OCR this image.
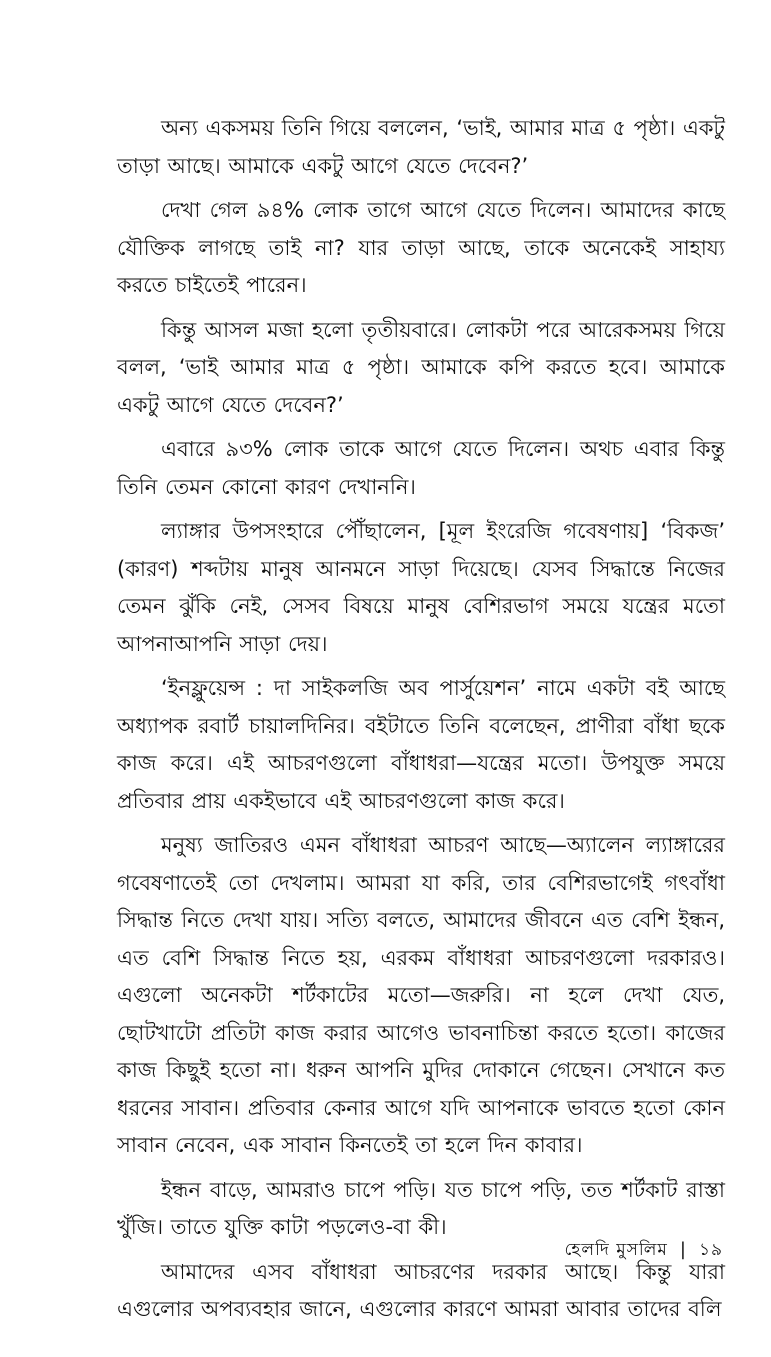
অন্য একসময় তিনি গিয়ে বললেন, ‘ভাই, আমার মাত্র ৫ পৃষ্ঠা। একটু তাড়া আছে। আমাকে একটু আগে যেতে দেবেন?’

দেখা গেল ৯৪% লোক তাগে আগে যেতে দিলেন। আমাদের কাছে যৌক্তিক লাগছে তাই না? যার তাড়া আছে, তাকে অনেকেই সাহায্য করতে চাইতেই পারেন।

কিন্তু আসল মজা হলো তৃতীয়বারে। লোকটা পরে আরেকসময় গিয়ে বলল, ‘ভাই আমার মাত্র ৫ পৃষ্ঠা। আমাকে কপি করতে হবে। আমাকে একটু আগে যেতে দেবেন?’

এবারে ৯৩% লোক তাকে আগে যেতে দিলেন। অথচ এবার কিন্তু তিনি তেমন কোনো কারণ দেখাননি।

ল্যাঙ্গার উপসংহারে পৌঁছালেন, [মূল ইংরেজি গবেষণায়] ‘বিকজ’ (কারণ) শব্দটায় মানুষ আনমনে সাড়া দিয়েছে। যেসব সিদ্ধান্তে নিজের তেমন ঝুঁকি নেই, সেসব বিষয়ে মানুষ বেশিরভাগ সময়ে যন্ত্রের মতো আপনাআপনি সাড়া দেয়।

‘ইনফ্লুয়েন্স : দা সাইকলজি অব পার্সুয়েশন’ নামে একটা বই আছে অধ্যাপক রবার্ট চায়ালদিনির। বইটাতে তিনি বলেছেন, প্রাণীরা বাঁধা ছকে কাজ করে। এই আচরণগুলো বাঁধাধরা—যন্ত্রের মতো। উপযুক্ত সময়ে প্রতিবার প্রায় একইভাবে এই আচরণগুলো কাজ করে।

মনুষ্য জাতিরও এমন বাঁধাধরা আচরণ আছে—অ্যালেন ল্যাঙ্গারের গবেষণাতেই তো দেখলাম। আমরা যা করি, তার বেশিরভাগেই গৎবাঁধা সিদ্ধান্ত নিতে দেখা যায়। সত্যি বলতে, আমাদের জীবনে এত বেশি ইন্ধন, এত বেশি সিদ্ধান্ত নিতে হয়, এরকম বাঁধাধরা আচরণগুলো দরকারও। এগুলো অনেকটা শর্টকাটের মতো—জরুরি। না হলে দেখা যেত, ছোটখাটো প্রতিটা কাজ করার আগেও ভাবনাচিন্তা করতে হতো। কাজের কাজ কিছুই হতো না। ধরুন আপনি মুদির দোকানে গেছেন। সেখানে কত ধরনের সাবান। প্রতিবার কেনার আগে যদি আপনাকে ভাবতে হতো কোন সাবান নেবেন, এক সাবান কিনতেই তা হলে দিন কাবার।

ইন্ধন বাড়ে, আমরাও চাপে পড়ি। যত চাপে পড়ি, তত শর্টকাট রাস্তা খুঁজি। তাতে যুক্তি কাটা পড়লেও-বা কী।

আমাদের এসব বাঁধাধরা আচরণের দরকার আছে। কিন্তু যারা এগুলোর অপব্যবহার জানে, এগুলোর কারণে আমরা আবার তাদের বলি

হেলদি মুসলিম | ১৯
